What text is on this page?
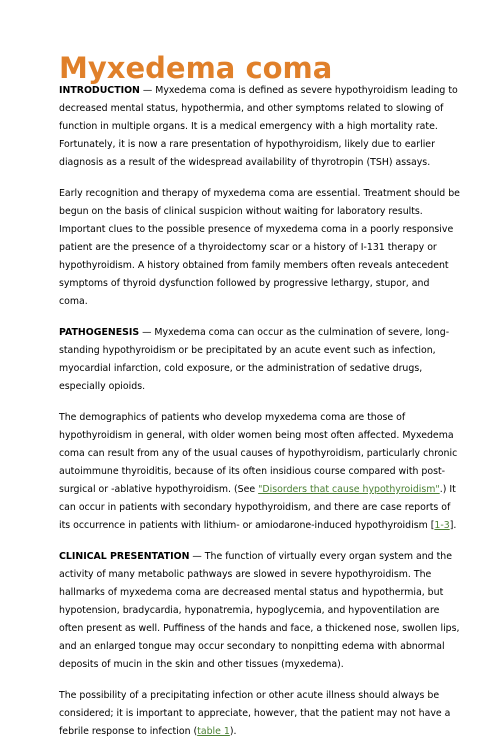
Myxedema coma

INTRODUCTION — Myxedema coma is defined as severe hypothyroidism leading to decreased mental status, hypothermia, and other symptoms related to slowing of function in multiple organs. It is a medical emergency with a high mortality rate. Fortunately, it is now a rare presentation of hypothyroidism, likely due to earlier diagnosis as a result of the widespread availability of thyrotropin (TSH) assays.

Early recognition and therapy of myxedema coma are essential. Treatment should be begun on the basis of clinical suspicion without waiting for laboratory results. Important clues to the possible presence of myxedema coma in a poorly responsive patient are the presence of a thyroidectomy scar or a history of I-131 therapy or hypothyroidism. A history obtained from family members often reveals antecedent symptoms of thyroid dysfunction followed by progressive lethargy, stupor, and coma.

PATHOGENESIS — Myxedema coma can occur as the culmination of severe, long-standing hypothyroidism or be precipitated by an acute event such as infection, myocardial infarction, cold exposure, or the administration of sedative drugs, especially opioids.

The demographics of patients who develop myxedema coma are those of hypothyroidism in general, with older women being most often affected. Myxedema coma can result from any of the usual causes of hypothyroidism, particularly chronic autoimmune thyroiditis, because of its often insidious course compared with post-surgical or -ablative hypothyroidism. (See "Disorders that cause hypothyroidism".) It can occur in patients with secondary hypothyroidism, and there are case reports of its occurrence in patients with lithium- or amiodarone-induced hypothyroidism [1-3].

CLINICAL PRESENTATION — The function of virtually every organ system and the activity of many metabolic pathways are slowed in severe hypothyroidism. The hallmarks of myxedema coma are decreased mental status and hypothermia, but hypotension, bradycardia, hyponatremia, hypoglycemia, and hypoventilation are often present as well. Puffiness of the hands and face, a thickened nose, swollen lips, and an enlarged tongue may occur secondary to nonpitting edema with abnormal deposits of mucin in the skin and other tissues (myxedema).

The possibility of a precipitating infection or other acute illness should always be considered; it is important to appreciate, however, that the patient may not have a febrile response to infection (table 1).
